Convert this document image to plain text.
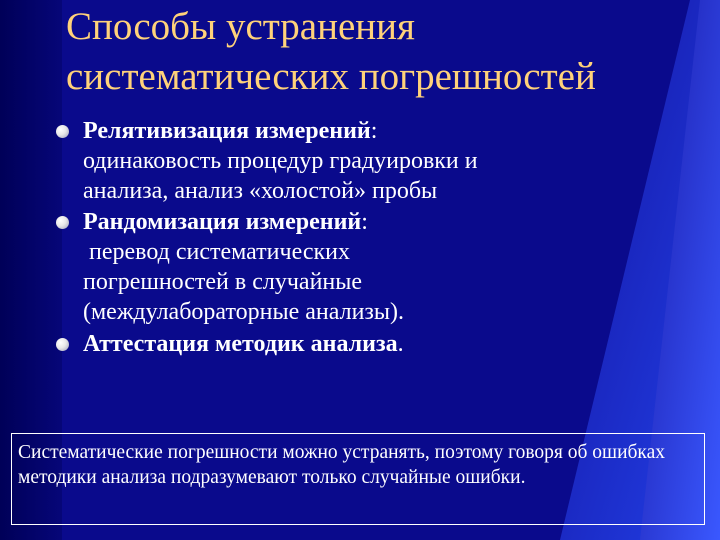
Способы устранения
систематических погрешностей
Релятивизация измерений:
одинаковость процедур градуировки и
анализа, анализ «холостой» пробы
Рандомизация измерений:
перевод систематических
погрешностей в случайные
(междулабораторные анализы).
Аттестация методик анализа.
Систематические погрешности можно устранять, поэтому говоря об ошибках методики анализа подразумевают только случайные ошибки.
